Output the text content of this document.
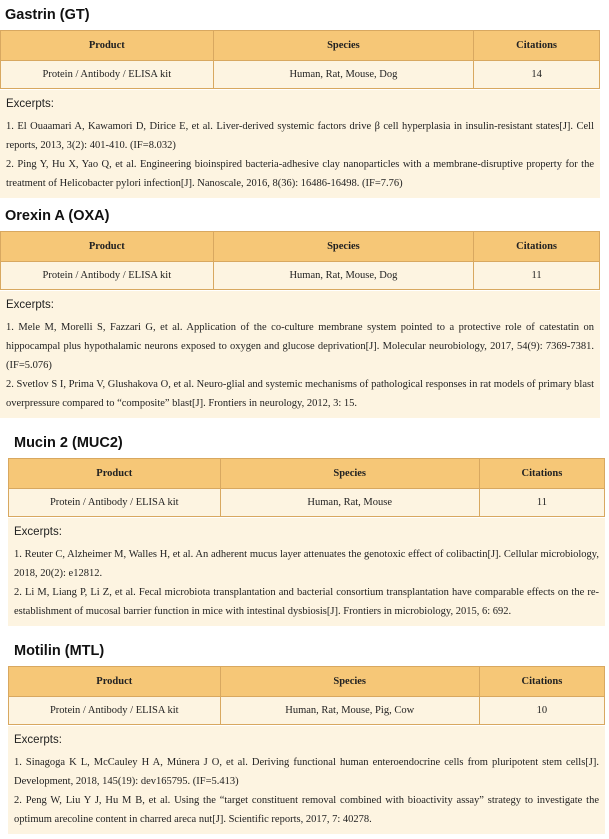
Gastrin (GT)
Product	Species	Citations
Protein / Antibody / ELISA kit	Human, Rat, Mouse, Dog	14
Excerpts:
1. El Ouaamari A, Kawamori D, Dirice E, et al. Liver-derived systemic factors drive β cell hyperplasia in insulin-resistant states[J]. Cell reports, 2013, 3(2): 401-410. (IF=8.032)
2. Ping Y, Hu X, Yao Q, et al. Engineering bioinspired bacteria-adhesive clay nanoparticles with a membrane-disruptive property for the treatment of Helicobacter pylori infection[J]. Nanoscale, 2016, 8(36): 16486-16498. (IF=7.76)
Orexin A (OXA)
Product	Species	Citations
Protein / Antibody / ELISA kit	Human, Rat, Mouse, Dog	11
Excerpts:
1. Mele M, Morelli S, Fazzari G, et al. Application of the co-culture membrane system pointed to a protective role of catestatin on hippocampal plus hypothalamic neurons exposed to oxygen and glucose deprivation[J]. Molecular neurobiology, 2017, 54(9): 7369-7381. (IF=5.076)
2. Svetlov S I, Prima V, Glushakova O, et al. Neuro-glial and systemic mechanisms of pathological responses in rat models of primary blast overpressure compared to “composite” blast[J]. Frontiers in neurology, 2012, 3: 15.
Mucin 2 (MUC2)
Product	Species	Citations
Protein / Antibody / ELISA kit	Human, Rat, Mouse	11
Excerpts:
1. Reuter C, Alzheimer M, Walles H, et al. An adherent mucus layer attenuates the genotoxic effect of colibactin[J]. Cellular microbiology, 2018, 20(2): e12812.
2. Li M, Liang P, Li Z, et al. Fecal microbiota transplantation and bacterial consortium transplantation have comparable effects on the re-establishment of mucosal barrier function in mice with intestinal dysbiosis[J]. Frontiers in microbiology, 2015, 6: 692.
Motilin (MTL)
Product	Species	Citations
Protein / Antibody / ELISA kit	Human, Rat, Mouse, Pig, Cow	10
Excerpts:
1. Sinagoga K L, McCauley H A, Múnera J O, et al. Deriving functional human enteroendocrine cells from pluripotent stem cells[J]. Development, 2018, 145(19): dev165795. (IF=5.413)
2. Peng W, Liu Y J, Hu M B, et al. Using the “target constituent removal combined with bioactivity assay” strategy to investigate the optimum arecoline content in charred areca nut[J]. Scientific reports, 2017, 7: 40278.
